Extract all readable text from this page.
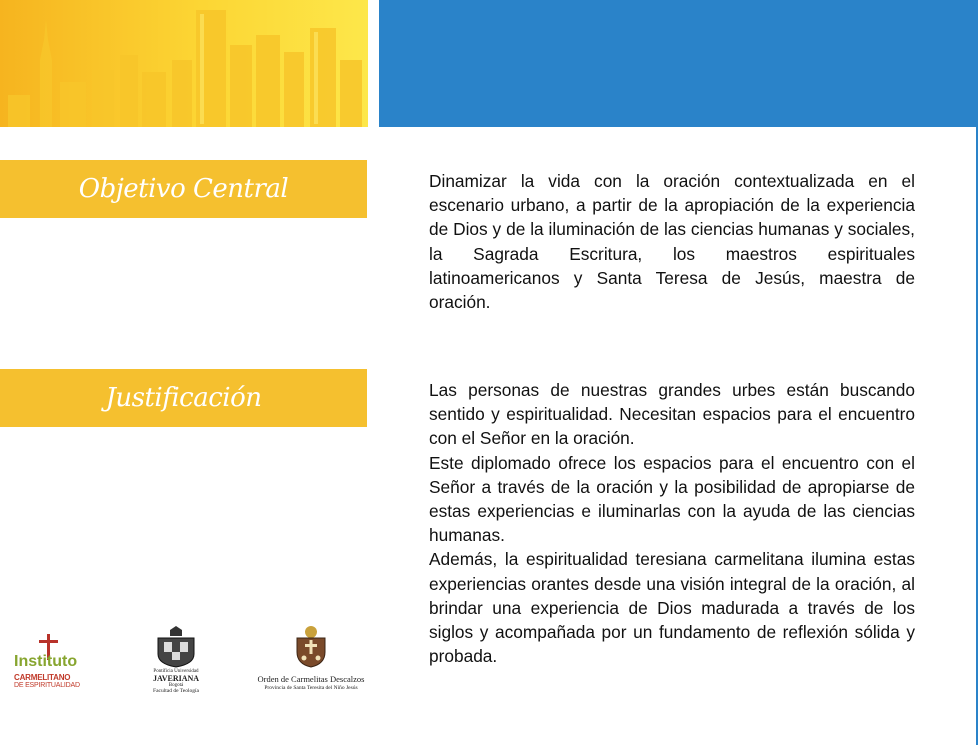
Objetivo Central	Dinamizar la vida con la oración contextualizada en el escenario urbano, a partir de la apropiación de la experiencia de Dios y de la iluminación de las ciencias humanas y sociales, la Sagrada Escritura, los maestros espirituales latinoamericanos y Santa Teresa de Jesús, maestra de oración.

Justificación	Las personas de nuestras grandes urbes están buscando sentido y espiritualidad. Necesitan espacios para el encuentro con el Señor en la oración.

Este diplomado ofrece los espacios para el encuentro con el Señor a través de la oración y la posibilidad de apropiarse de estas experiencias e iluminarlas con la ayuda de las ciencias humanas.

Además, la espiritualidad teresiana carmelitana ilumina estas experiencias orantes desde una visión integral de la oración, al brindar una experiencia de Dios madurada a través de los siglos y acompañada por un fundamento de reflexión sólida y probada.

Instituto
CARMELITANO
DE ESPIRITUALIDAD
Pontificia Universidad
JAVERIANA
Bogotá
Facultad de Teología
Orden de Carmelitas Descalzos
Provincia de Santa Teresita del Niño Jesús
